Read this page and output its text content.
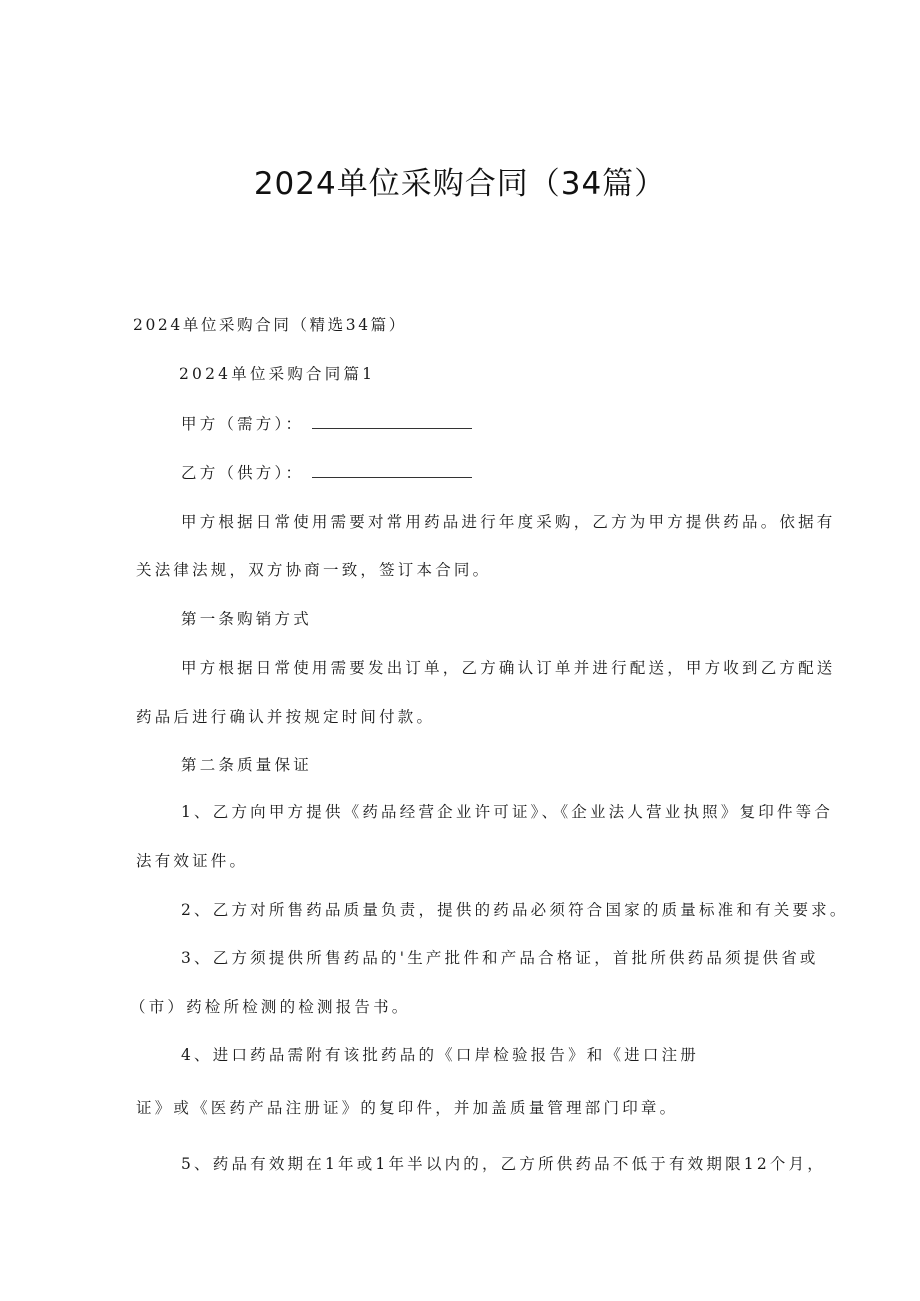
2024单位采购合同（34篇）
2024单位采购合同（精选34篇）
2024单位采购合同篇1
甲方（需方）：
乙方（供方）：
甲方根据日常使用需要对常用药品进行年度采购，乙方为甲方提供药品。依据有
关法律法规，双方协商一致，签订本合同。
第一条购销方式
甲方根据日常使用需要发出订单，乙方确认订单并进行配送，甲方收到乙方配送
药品后进行确认并按规定时间付款。
第二条质量保证
1、乙方向甲方提供《药品经营企业许可证》、《企业法人营业执照》复印件等合
法有效证件。
2、乙方对所售药品质量负责，提供的药品必须符合国家的质量标准和有关要求。
3、乙方须提供所售药品的'生产批件和产品合格证，首批所供药品须提供省或
（市）药检所检测的检测报告书。
4、进口药品需附有该批药品的《口岸检验报告》和《进口注册
证》或《医药产品注册证》的复印件，并加盖质量管理部门印章。
5、药品有效期在1年或1年半以内的，乙方所供药品不低于有效期限12个月，
